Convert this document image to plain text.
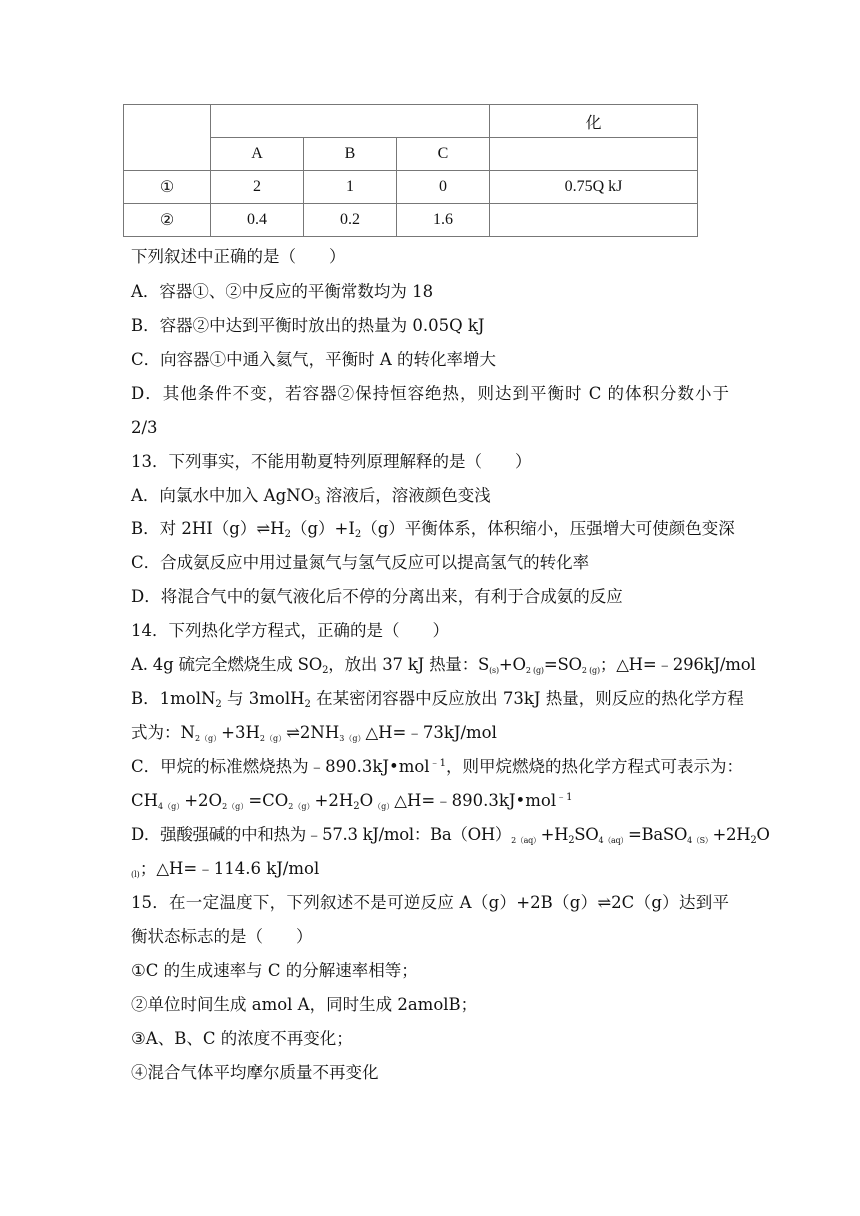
				化
	A	B	C	
①	2	1	0	0.75Q kJ
②	0.4	0.2	1.6	
下列叙述中正确的是（　　）
A．容器①、②中反应的平衡常数均为 18
B．容器②中达到平衡时放出的热量为 0.05Q kJ
C．向容器①中通入氦气，平衡时 A 的转化率增大
D．其他条件不变，若容器②保持恒容绝热，则达到平衡时 C 的体积分数小于
2/3
13．下列事实，不能用勒夏特列原理解释的是（　　）
A．向氯水中加入 AgNO$_3$ 溶液后，溶液颜色变浅
B．对 $2HI(g)\rightleftharpoons H_2(g)+I_2(g)$平衡体系，体积缩小，压强增大可使颜色变深
C．合成氨反应中用过量氮气与氢气反应可以提高氢气的转化率
D．将混合气中的氨气液化后不停的分离出来，有利于合成氨的反应
14．下列热化学方程式，正确的是（　　）
A. 4g 硫完全燃烧生成 $SO_2$，放出 37 kJ 热量：$S_{(s)}+O_{2 (g)}=SO_{2 (g)}$；△H=﹣296kJ/mol
B．1molN$_2$ 与 3molH$_2$ 在某密闭容器中反应放出 73kJ 热量，则反应的热化学方程
式为：$N_{2(g)}+3H_{2(g)}\rightleftharpoons 2NH_{3(g)}\triangle H=﹣73kJ$/mol
C．甲烷的标准燃烧热为﹣890.3kJ•mol$^{﹣1}$，则甲烷燃烧的热化学方程式可表示为：
$CH_{4(g)}+2O_{2(g)}=CO_{2(g)}+2H_2O_{(g)}\triangle H=﹣890.3kJ•mol^{﹣1}$
D．强酸强碱的中和热为﹣57.3 kJ/mol：$Ba(OH)_{2(aq)}+H_2SO_{4(aq)}=BaSO_{4(S)}+2H_2O$
$_{(l)}$；△H=﹣114.6 kJ/mol
15．在一定温度下，下列叙述不是可逆反应 A（g）+2B（g）⇌2C（g）达到平
衡状态标志的是（　　）
①C 的生成速率与 C 的分解速率相等；
②单位时间生成 amol A，同时生成 2amolB；
③A、B、C 的浓度不再变化；
④混合气体平均摩尔质量不再变化
